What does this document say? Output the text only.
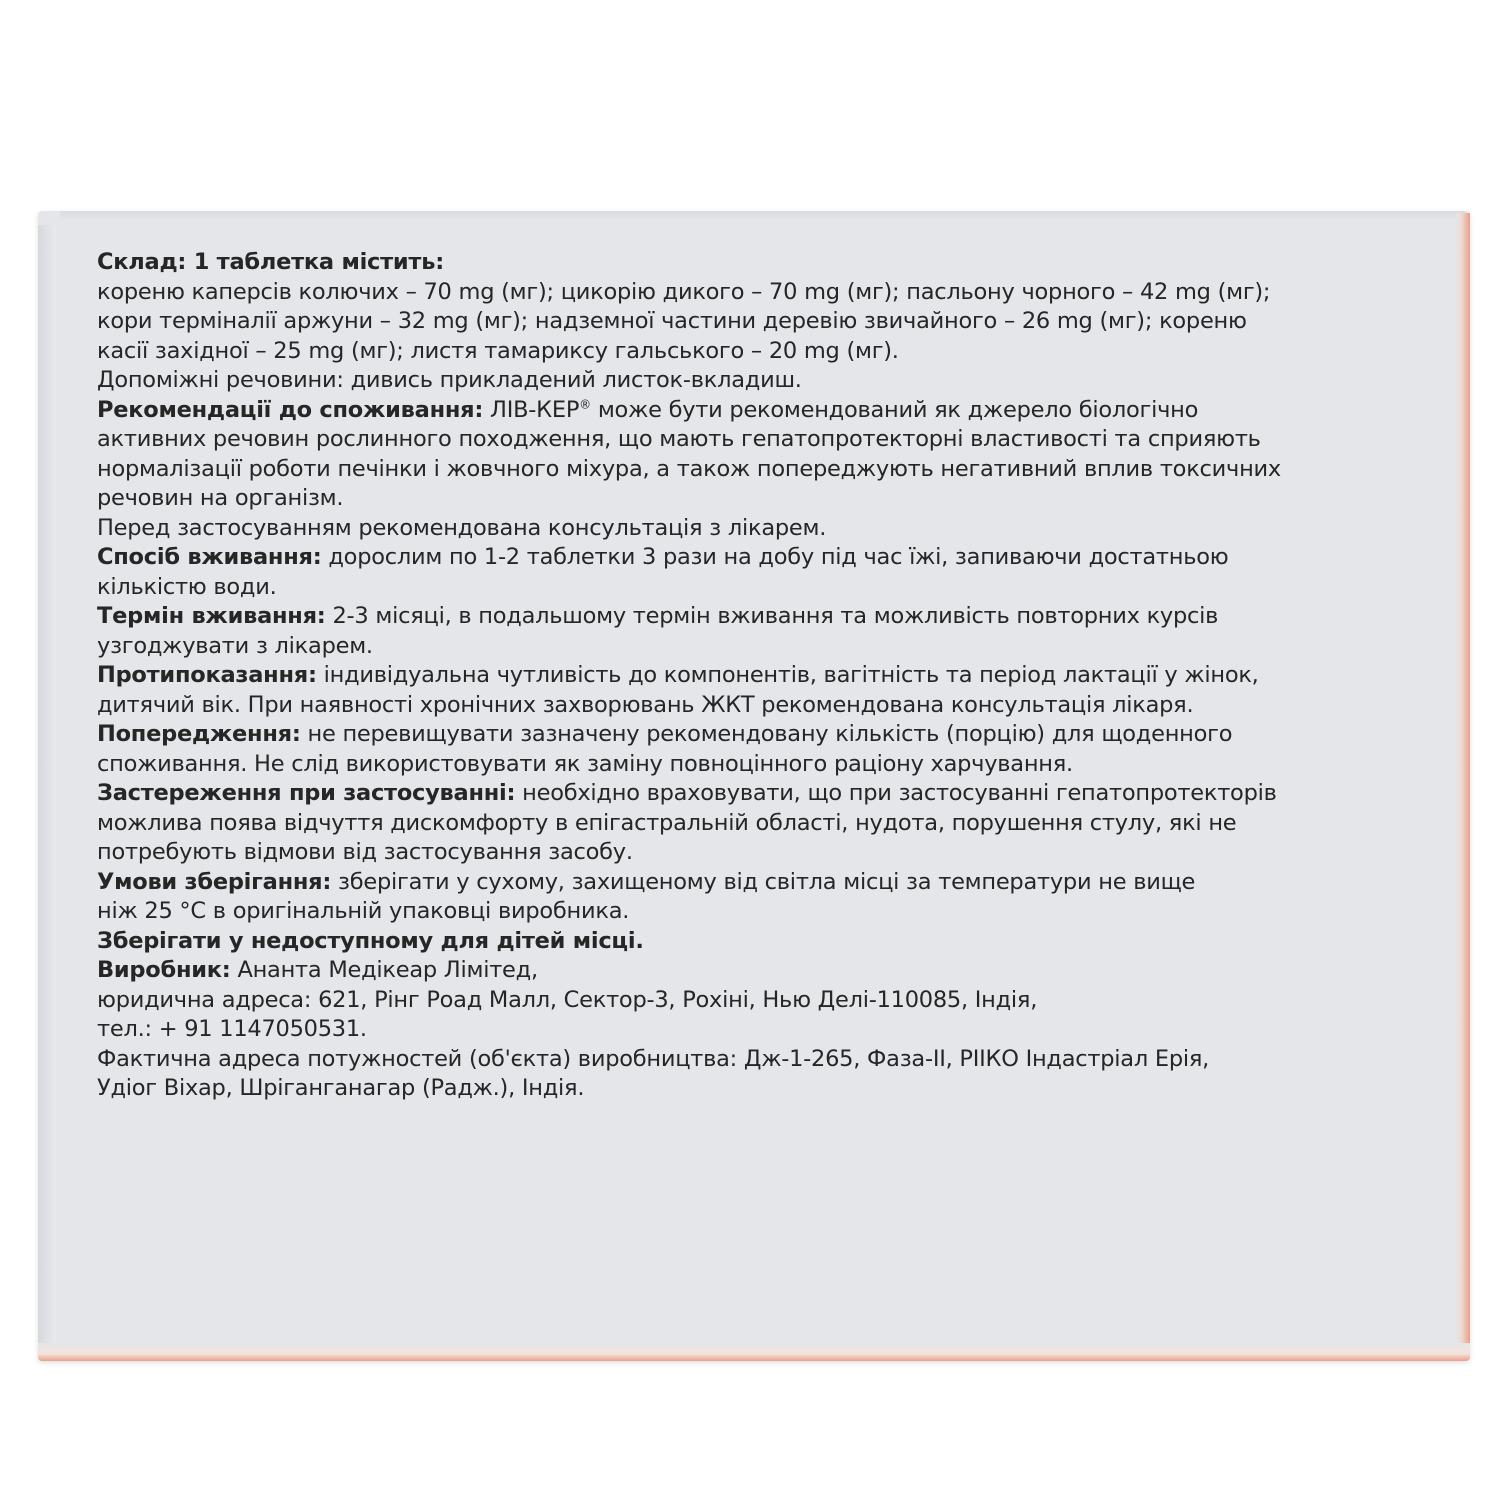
Склад: 1 таблетка містить:

кореню каперсів колючих – 70 mg (мг); цикорію дикого – 70 mg (мг); пасльону чорного – 42 mg (мг);

кори терміналії аржуни – 32 mg (мг); надземної частини деревію звичайного – 26 mg (мг); кореню

касії західної – 25 mg (мг); листя тамариксу гальського – 20 mg (мг).

Допоміжні речовини: дивись прикладений листок-вкладиш.

Рекомендації до споживання: ЛІВ-КЕР® може бути рекомендований як джерело біологічно

активних речовин рослинного походження, що мають гепатопротекторні властивості та сприяють

нормалізації роботи печінки і жовчного міхура, а також попереджують негативний вплив токсичних

речовин на організм.

Перед застосуванням рекомендована консультація з лікарем.

Спосіб вживання: дорослим по 1-2 таблетки 3 рази на добу під час їжі, запиваючи достатньою

кількістю води.

Термін вживання: 2-3 місяці, в подальшому термін вживання та можливість повторних курсів

узгоджувати з лікарем.

Протипоказання: індивідуальна чутливість до компонентів, вагітність та період лактації у жінок,

дитячий вік. При наявності хронічних захворювань ЖКТ рекомендована консультація лікаря.

Попередження: не перевищувати зазначену рекомендовану кількість (порцію) для щоденного

споживання. Не слід використовувати як заміну повноцінного раціону харчування.

Застереження при застосуванні: необхідно враховувати, що при застосуванні гепатопротекторів

можлива поява відчуття дискомфорту в епігастральній області, нудота, порушення стулу, які не

потребують відмови від застосування засобу.

Умови зберігання: зберігати у сухому, захищеному від світла місці за температури не вище

ніж 25 °С в оригінальній упаковці виробника.

Зберігати у недоступному для дітей місці.

Виробник: Ананта Медікеар Лімітед,

юридична адреса: 621, Рінг Роад Малл, Сектор-3, Рохіні, Нью Делі-110085, Індія,

тел.: + 91 1147050531.

Фактична адреса потужностей (об'єкта) виробництва: Дж-1-265, Фаза-ІІ, РІІКО Індастріал Ерія,

Удіог Віхар, Шріганганагар (Радж.), Індія.
